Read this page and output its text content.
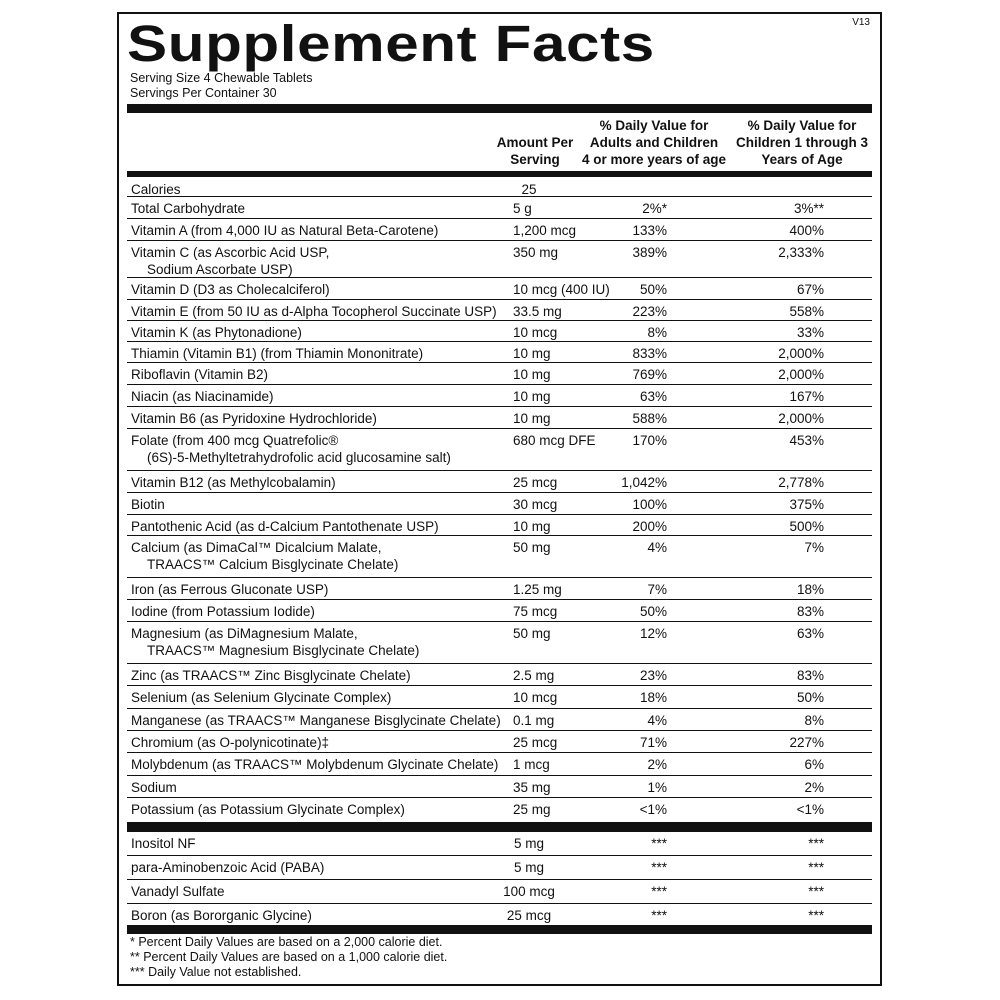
Supplement Facts	V13
Serving Size 4 Chewable Tablets
Servings Per Container 30
Amount Per
Serving
% Daily Value for
Adults and Children
4 or more years of age
% Daily Value for
Children 1 through 3
Years of Age
Calories	25
Total Carbohydrate	5 g	2%*	3%**
Vitamin A (from 4,000 IU as Natural Beta-Carotene)	1,200 mcg	133%	400%
Vitamin C (as Ascorbic Acid USP,
Sodium Ascorbate USP)
350 mg	389%	2,333%
Vitamin D (D3 as Cholecalciferol)	10 mcg (400 IU) 50%	67%
Vitamin E (from 50 IU as d-Alpha Tocopherol Succinate USP) 33.5 mg	223%	558%
Vitamin K (as Phytonadione)	10 mcg	8%	33%
Thiamin (Vitamin B1) (from Thiamin Mononitrate)	10 mg	833%	2,000%
Riboflavin (Vitamin B2)	10 mg	769%	2,000%
Niacin (as Niacinamide)	10 mg	63%	167%
Vitamin B6 (as Pyridoxine Hydrochloride)	10 mg	588%	2,000%
Folate (from 400 mcg Quatrefolic®
(6S)-5-Methyltetrahydrofolic acid glucosamine salt)
680 mcg DFE	170%	453%
Vitamin B12 (as Methylcobalamin)	25 mcg	1,042%	2,778%
Biotin	30 mcg	100%	375%
Pantothenic Acid (as d-Calcium Pantothenate USP)	10 mg	200%	500%
Calcium (as DimaCal™ Dicalcium Malate,
TRAACS™ Calcium Bisglycinate Chelate)
50 mg	4%	7%
Iron (as Ferrous Gluconate USP)	1.25 mg	7%	18%
Iodine (from Potassium Iodide)	75 mcg	50%	83%
Magnesium (as DiMagnesium Malate,
TRAACS™ Magnesium Bisglycinate Chelate)
50 mg	12%	63%
Zinc (as TRAACS™ Zinc Bisglycinate Chelate)	2.5 mg	23%	83%
Selenium (as Selenium Glycinate Complex)	10 mcg	18%	50%
Manganese (as TRAACS™ Manganese Bisglycinate Chelate) 0.1 mg	4%	8%
Chromium (as O-polynicotinate)‡	25 mcg	71%	227%
Molybdenum (as TRAACS™ Molybdenum Glycinate Chelate) 1 mcg	2%	6%
Sodium	35 mg	1%	2%
Potassium (as Potassium Glycinate Complex)	25 mg	<1%	<1%
Inositol NF	5 mg	***	***
para-Aminobenzoic Acid (PABA)	5 mg	***	***
Vanadyl Sulfate	100 mcg	***	***
Boron (as Bororganic Glycine)	25 mcg	***	***
* Percent Daily Values are based on a 2,000 calorie diet.
** Percent Daily Values are based on a 1,000 calorie diet.
*** Daily Value not established.
